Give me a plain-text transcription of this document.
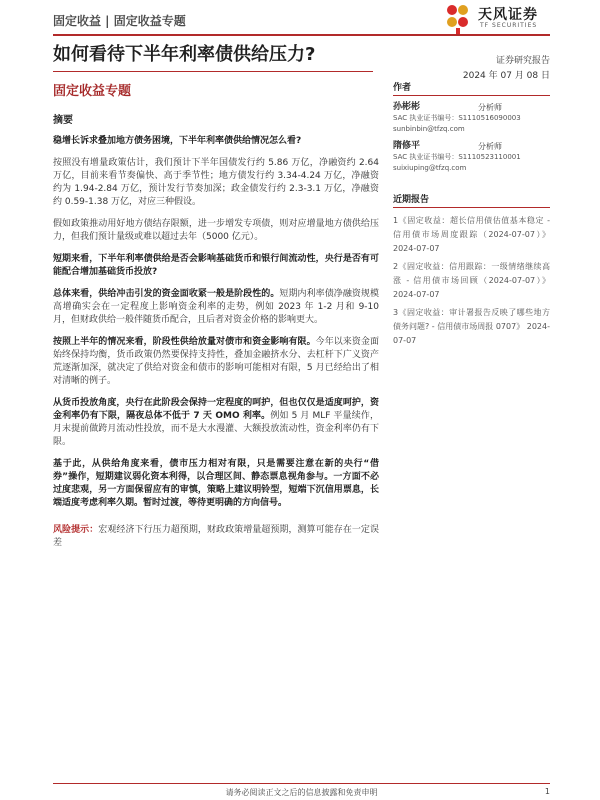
固定收益 | 固定收益专题	天风证券
TF SECURITIES
如何看待下半年利率债供给压力?	证券研究报告
2024 年 07 月 08 日
固定收益专题
摘要

稳增长诉求叠加地方债务困境，下半年利率债供给情况怎么看?

按照没有增量政策估计，我们预计下半年国债发行约 5.86 万亿，净融资约 2.64 万亿，目前来看节奏偏快、高于季节性；地方债发行约 3.34-4.24 万亿，净融资约为 1.94-2.84 万亿，预计发行节奏加深；政金债发行约 2.3-3.1 万亿，净融资约 0.59-1.38 万亿，对应三种假设。

假如政策推动用好地方债结存限额，进一步增发专项债，则对应增量地方债供给压力，但我们预计量级或难以超过去年（5000 亿元）。

短期来看，下半年利率债供给是否会影响基础货币和银行间流动性，央行是否有可能配合增加基础货币投放?

总体来看，供给冲击引发的资金面收紧一般是阶段性的。短期内利率债净融资规模高增确实会在一定程度上影响资金利率的走势，例如 2023 年 1-2 月和 9-10 月，但财政供给一般伴随货币配合，且后者对资金价格的影响更大。

按照上半年的情况来看，阶段性供给放量对债市和资金影响有限。今年以来资金面始终保持均衡，货币政策仍然要保持支持性，叠加金融挤水分、去杠杆下广义资产荒逐渐加深，就决定了供给对资金和债市的影响可能相对有限，5 月已经给出了相对清晰的例子。

从货币投放角度，央行在此阶段会保持一定程度的呵护，但也仅仅是适度呵护，资金利率仍有下限，隔夜总体不低于 7 天 OMO 利率。例如 5 月 MLF 平量续作，月末提前做跨月流动性投放，而不是大水漫灌、大额投放流动性，资金利率仍有下限。

基于此，从供给角度来看，债市压力相对有限，只是需要注意在新的央行“借券”操作，短期建议弱化资本利得，以合理区间、静态票息视角参与。一方面不必过度悲观，另一方面保留应有的审慎，策略上建议明铃型，短端下沉信用票息，长端适度考虑利率久期。暂时过渡，等待更明确的方向信号。

风险提示：宏观经济下行压力超预期，财政政策增量超预期，测算可能存在一定误差

作者
孙彬彬	分析师
SAC 执业证书编号：S1110516090003
sunbinbin@tfzq.com
隋修平	分析师
SAC 执业证书编号：S1110523110001
suixiuping@tfzq.com
近期报告
1《固定收益：超长信用债估值基本稳定 - 信用债市场周度跟踪（2024-07-07）》 2024-07-07
2《固定收益：信用跟踪：一级情绪继续高涨 - 信用债市场回顾（2024-07-07）》 2024-07-07
3《固定收益：审计署报告反映了哪些地方债务问题? - 信用债市场周报 0707》 2024-07-07
请务必阅读正文之后的信息披露和免责申明	1
